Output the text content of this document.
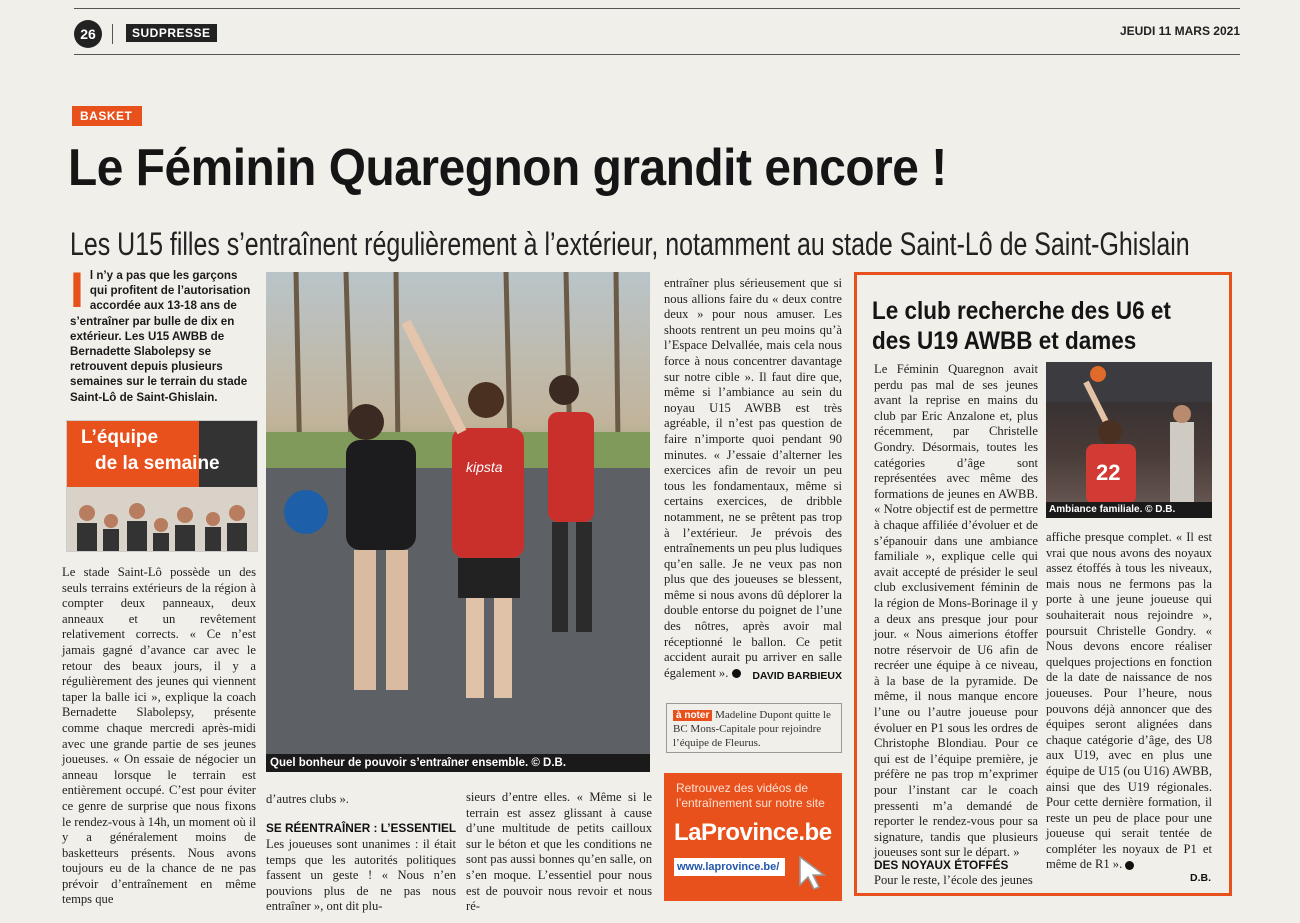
26	SUDPRESSE	JEUDI 11 MARS 2021
BASKET
Le Féminin Quaregnon grandit encore !
Les U15 filles s’entraînent régulièrement à l’extérieur, notamment au stade Saint-Lô de Saint-Ghislain
Il n’y a pas que les garçons qui profitent de l’autorisation accordée aux 13-18 ans de s’entraîner par bulle de dix en extérieur. Les U15 AWBB de Bernadette Slabolepsy se retrouvent depuis plusieurs semaines sur le terrain du stade Saint-Lô de Saint-Ghislain.
L’équipe
de la semaine
Le stade Saint-Lô possède un des seuls terrains extérieurs de la région à compter deux panneaux, deux anneaux et un revêtement relativement corrects. « Ce n’est jamais gagné d’avance car avec le retour des beaux jours, il y a régulièrement des jeunes qui viennent taper la balle ici », explique la coach Bernadette Slabolepsy, présente comme chaque mercredi après-midi avec une grande partie de ses jeunes joueuses. « On essaie de négocier un anneau lorsque le terrain est entièrement occupé. C’est pour éviter ce genre de surprise que nous fixons le rendez-vous à 14h, un moment où il y a généralement moins de basketteurs présents. Nous avons toujours eu de la chance de ne pas prévoir d’entraînement en même temps que
kipsta
Quel bonheur de pouvoir s’entraîner ensemble. © D.B.
d’autres clubs ».
SE RÉENTRAÎNER : L’ESSENTIEL
Les joueuses sont unanimes : il était temps que les autorités politiques fassent un geste ! « Nous n’en pouvions plus de ne pas nous entraîner », ont dit plu-
sieurs d’entre elles. « Même si le terrain est assez glissant à cause d’une multitude de petits cailloux sur le béton et que les conditions ne sont pas aussi bonnes qu’en salle, on s’en moque. L’essentiel pour nous est de pouvoir nous revoir et nous ré-
entraîner plus sérieusement que si nous allions faire du « deux contre deux » pour nous amuser. Les shoots rentrent un peu moins qu’à l’Espace Delvallée, mais cela nous force à nous concentrer davantage sur notre cible ». Il faut dire que, même si l’ambiance au sein du noyau U15 AWBB est très agréable, il n’est pas question de faire n’importe quoi pendant 90 minutes. « J’essaie d’alterner les exercices afin de revoir un peu tous les fondamentaux, même si certains exercices, de dribble notamment, ne se prêtent pas trop à l’extérieur. Je prévois des entraînements un peu plus ludiques qu’en salle. Je ne veux pas non plus que des joueuses se blessent, même si nous avons dû déplorer la double entorse du poignet de l’une des nôtres, après avoir mal réceptionné le ballon. Ce petit accident aurait pu arriver en salle également ».	DAVID BARBIEUX
à noter Madeline Dupont quitte le BC Mons-Capitale pour rejoindre l’équipe de Fleurus.
Retrouvez des vidéos de l’entraînement sur notre site
LaProvince.be
www.laprovince.be/
Le club recherche des U6 et des U19 AWBB et dames
22
Ambiance familiale. © D.B.
Le Féminin Quaregnon avait perdu pas mal de ses jeunes avant la reprise en mains du club par Eric Anzalone et, plus récemment, par Christelle Gondry. Désormais, toutes les catégories d’âge sont représentées avec même des formations de jeunes en AWBB. « Notre objectif est de permettre à chaque affiliée d’évoluer et de s’épanouir dans une ambiance familiale », explique celle qui avait accepté de présider le seul club exclusivement féminin de la région de Mons-Borinage il y a deux ans presque jour pour jour. « Nous aimerions étoffer notre réservoir de U6 afin de recréer une équipe à ce niveau, à la base de la pyramide. De même, il nous manque encore l’une ou l’autre joueuse pour évoluer en P1 sous les ordres de Christophe Blondiau. Pour ce qui est de l’équipe première, je préfère ne pas trop m’exprimer pour l’instant car le coach pressenti m’a demandé de reporter le rendez-vous pour sa signature, tandis que plusieurs joueuses sont sur le départ. »
DES NOYAUX ÉTOFFÉS
Pour le reste, l’école des jeunes
affiche presque complet. « Il est vrai que nous avons des noyaux assez étoffés à tous les niveaux, mais nous ne fermons pas la porte à une jeune joueuse qui souhaiterait nous rejoindre », poursuit Christelle Gondry. « Nous devons encore réaliser quelques projections en fonction de la date de naissance de nos joueuses. Pour l’heure, nous pouvons déjà annoncer que des équipes seront alignées dans chaque catégorie d’âge, des U8 aux U19, avec en plus une équipe de U15 (ou U16) AWBB, ainsi que des U19 régionales. Pour cette dernière formation, il reste un peu de place pour une joueuse qui serait tentée de compléter les noyaux de P1 et même de R1 ».
D.B.
